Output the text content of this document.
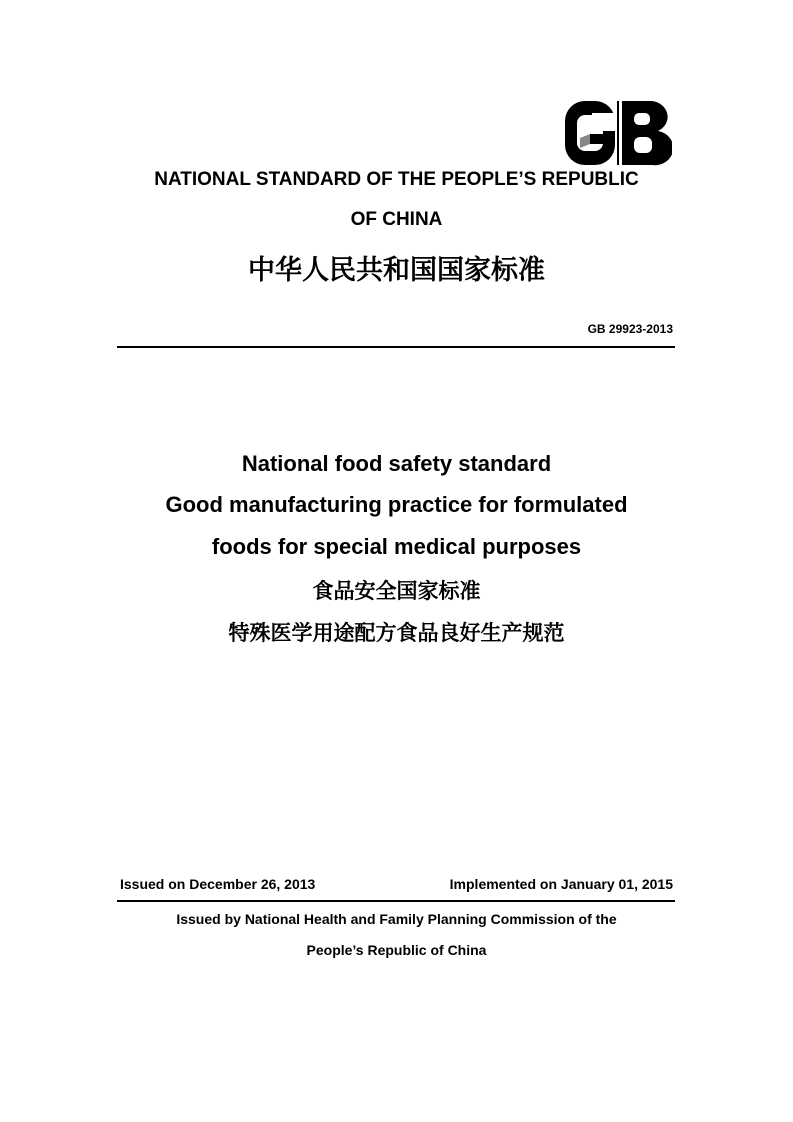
NATIONAL STANDARD OF THE PEOPLE’S REPUBLIC
OF CHINA
中华人民共和国国家标准
GB 29923-2013
National food safety standard
Good manufacturing practice for formulated
foods for special medical purposes
食品安全国家标准
特殊医学用途配方食品良好生产规范
Issued on December 26, 2013	Implemented on January 01, 2015
Issued by National Health and Family Planning Commission of the
People’s Republic of China
